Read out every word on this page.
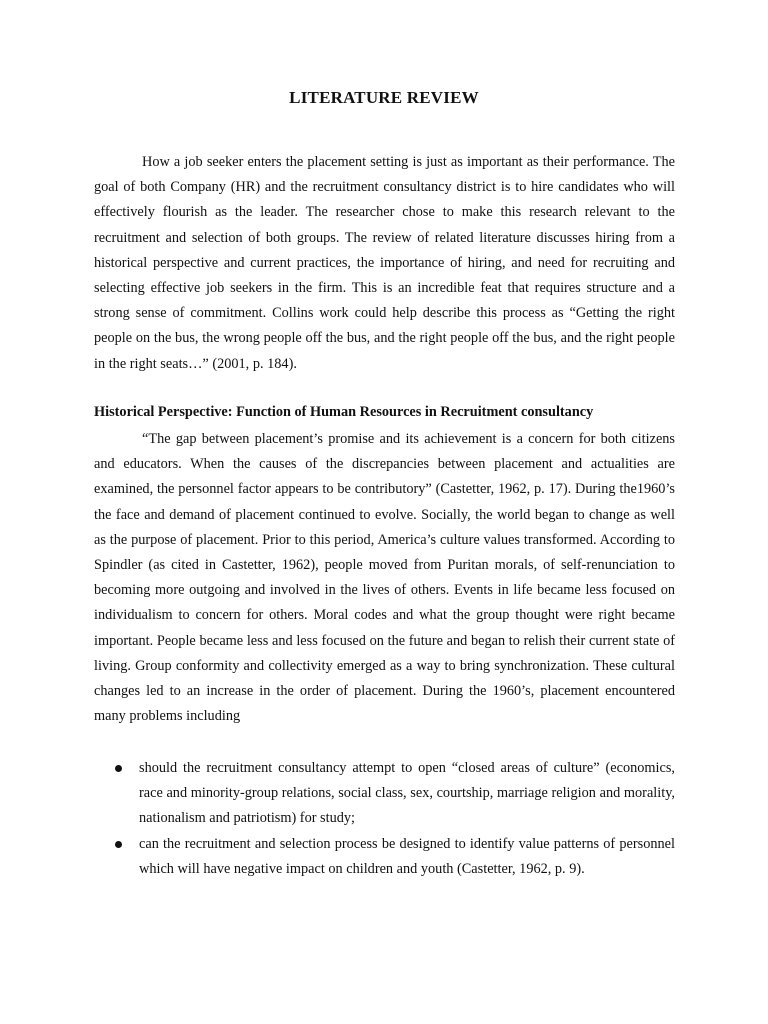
LITERATURE REVIEW

How a job seeker enters the placement setting is just as important as their performance. The goal of both Company (HR) and the recruitment consultancy district is to hire candidates who will effectively flourish as the leader. The researcher chose to make this research relevant to the recruitment and selection of both groups. The review of related literature discusses hiring from a historical perspective and current practices, the importance of hiring, and need for recruiting and selecting effective job seekers in the firm. This is an incredible feat that requires structure and a strong sense of commitment. Collins work could help describe this process as “Getting the right people on the bus, the wrong people off the bus, and the right people off the bus, and the right people in the right seats…” (2001, p. 184).

Historical Perspective: Function of Human Resources in Recruitment consultancy

“The gap between placement’s promise and its achievement is a concern for both citizens and educators. When the causes of the discrepancies between placement and actualities are examined, the personnel factor appears to be contributory” (Castetter, 1962, p. 17). During the1960’s the face and demand of placement continued to evolve. Socially, the world began to change as well as the purpose of placement. Prior to this period, America’s culture values transformed. According to Spindler (as cited in Castetter, 1962), people moved from Puritan morals, of self-renunciation to becoming more outgoing and involved in the lives of others. Events in life became less focused on individualism to concern for others. Moral codes and what the group thought were right became important. People became less and less focused on the future and began to relish their current state of living. Group conformity and collectivity emerged as a way to bring synchronization. These cultural changes led to an increase in the order of placement. During the 1960’s, placement encountered many problems including

should the recruitment consultancy attempt to open “closed areas of culture” (economics, race and minority-group relations, social class, sex, courtship, marriage religion and morality, nationalism and patriotism) for study;
can the recruitment and selection process be designed to identify value patterns of personnel which will have negative impact on children and youth (Castetter, 1962, p. 9).
